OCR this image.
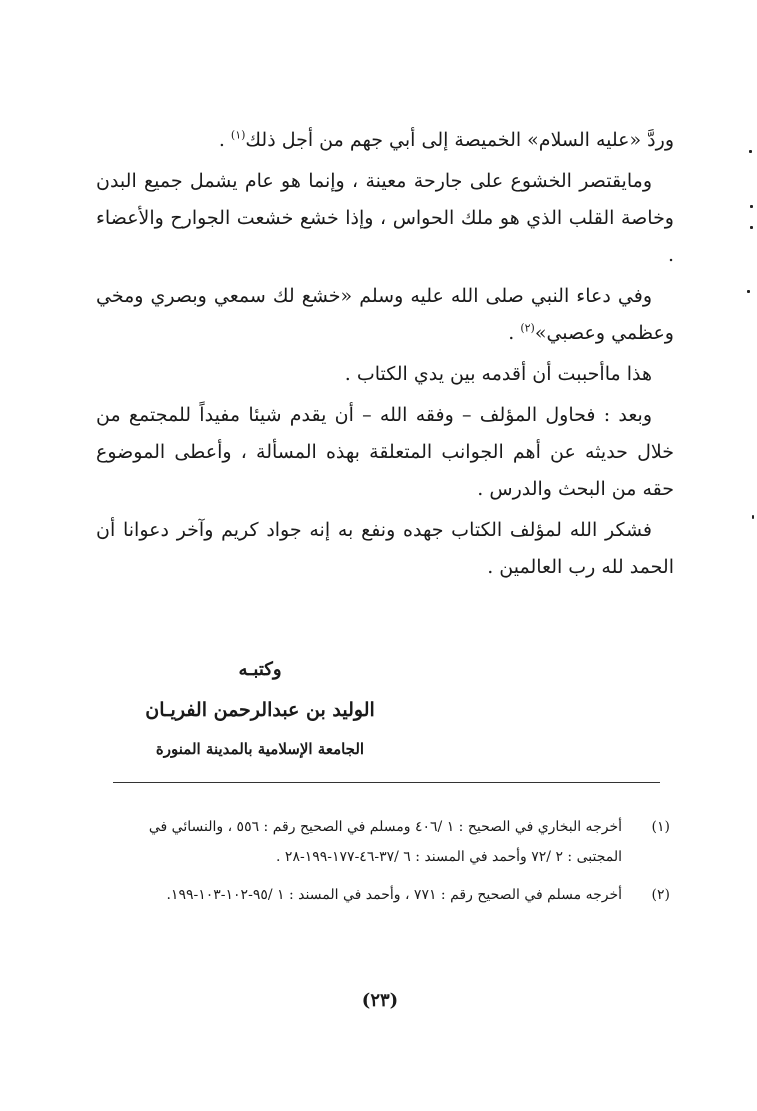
وردَّ «عليه السلام» الخميصة إلى أبي جهم من أجل ذلك$^{(١)}$ .

ومايقتصر الخشوع على جارحة معينة ، وإنما هو عام يشمل جميع البدن وخاصة القلب الذي هو ملك الحواس ، وإذا خشع خشعت الجوارح والأعضاء .

وفي دعاء النبي صلى الله عليه وسلم «خشع لك سمعي وبصري ومخي وعظمي وعصبي»$^{(٢)}$ .

هذا ماأحببت أن أقدمه بين يدي الكتاب .

وبعد : فحاول المؤلف – وفقه الله – أن يقدم شيئا مفيداً للمجتمع من خلال حديثه عن أهم الجوانب المتعلقة بهذه المسألة ، وأعطى الموضوع حقه من البحث والدرس .

فشكر الله لمؤلف الكتاب جهده ونفع به إنه جواد كريم وآخر دعوانا أن الحمد لله رب العالمين .

وكتبـه
الوليد بن عبدالرحمن الفريـان
الجامعة الإسلامية بالمدينة المنورة
(١)
أخرجه البخاري في الصحيح : ١ /٤٠٦ ومسلم في الصحيح رقم : ٥٥٦ ، والنسائي في المجتبى : ٢ /٧٢ وأحمد في المسند : ٦ /٣٧-٤٦-١٧٧-١٩٩-٢٨ .
(٢)
أخرجه مسلم في الصحيح رقم : ٧٧١ ، وأحمد في المسند : ١ /٩٥-١٠٢-١٠٣-١٩٩.
(٢٣)
